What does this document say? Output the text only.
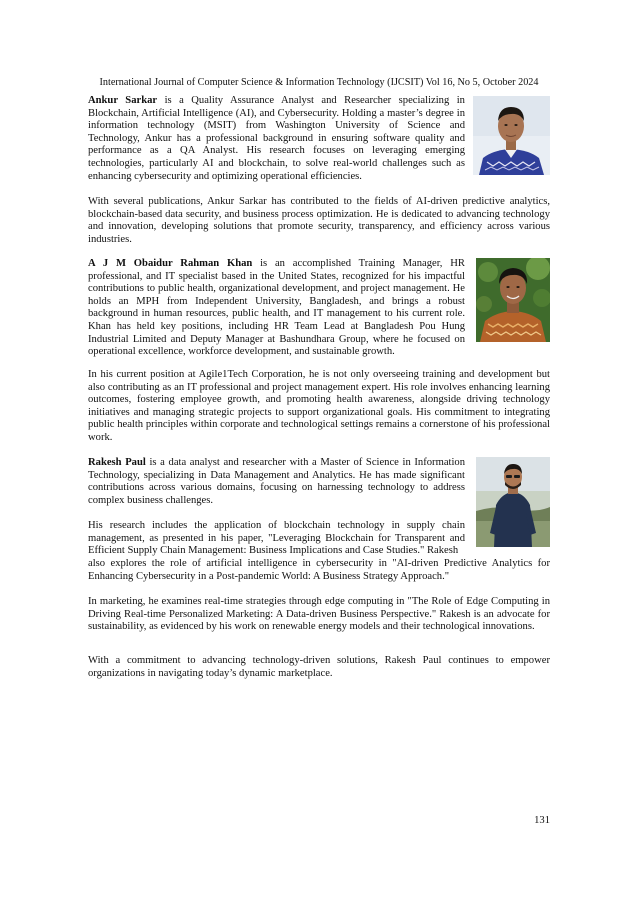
International Journal of Computer Science & Information Technology (IJCSIT) Vol 16, No 5, October 2024

Ankur Sarkar is a Quality Assurance Analyst and Researcher specializing in Blockchain, Artificial Intelligence (AI), and Cybersecurity. Holding a master’s degree in information technology (MSIT) from Washington University of Science and Technology, Ankur has a professional background in ensuring software quality and performance as a QA Analyst. His research focuses on leveraging emerging technologies, particularly AI and blockchain, to solve real-world challenges such as enhancing cybersecurity and optimizing operational efficiencies.

With several publications, Ankur Sarkar has contributed to the fields of AI-driven predictive analytics, blockchain-based data security, and business process optimization. He is dedicated to advancing technology and innovation, developing solutions that promote security, transparency, and efficiency across various industries.

A J M Obaidur Rahman Khan is an accomplished Training Manager, HR professional, and IT specialist based in the United States, recognized for his impactful contributions to public health, organizational development, and project management. He holds an MPH from Independent University, Bangladesh, and brings a robust background in human resources, public health, and IT management to his current role. Khan has held key positions, including HR Team Lead at Bangladesh Pou Hung Industrial Limited and Deputy Manager at Bashundhara Group, where he focused on operational excellence, workforce development, and sustainable growth.

In his current position at Agile1Tech Corporation, he is not only overseeing training and development but also contributing as an IT professional and project management expert. His role involves enhancing learning outcomes, fostering employee growth, and promoting health awareness, alongside driving technology initiatives and managing strategic projects to support organizational goals. His commitment to integrating public health principles within corporate and technological settings remains a cornerstone of his professional work.

Rakesh Paul is a data analyst and researcher with a Master of Science in Information Technology, specializing in Data Management and Analytics. He has made significant contributions across various domains, focusing on harnessing technology to address complex business challenges.

His research includes the application of blockchain technology in supply chain management, as presented in his paper, "Leveraging Blockchain for Transparent and Efficient Supply Chain Management: Business Implications and Case Studies." Rakesh

also explores the role of artificial intelligence in cybersecurity in "AI-driven Predictive Analytics for Enhancing Cybersecurity in a Post-pandemic World: A Business Strategy Approach."

In marketing, he examines real-time strategies through edge computing in "The Role of Edge Computing in Driving Real-time Personalized Marketing: A Data-driven Business Perspective." Rakesh is an advocate for sustainability, as evidenced by his work on renewable energy models and their technological innovations.

With a commitment to advancing technology-driven solutions, Rakesh Paul continues to empower organizations in navigating today’s dynamic marketplace.

131
